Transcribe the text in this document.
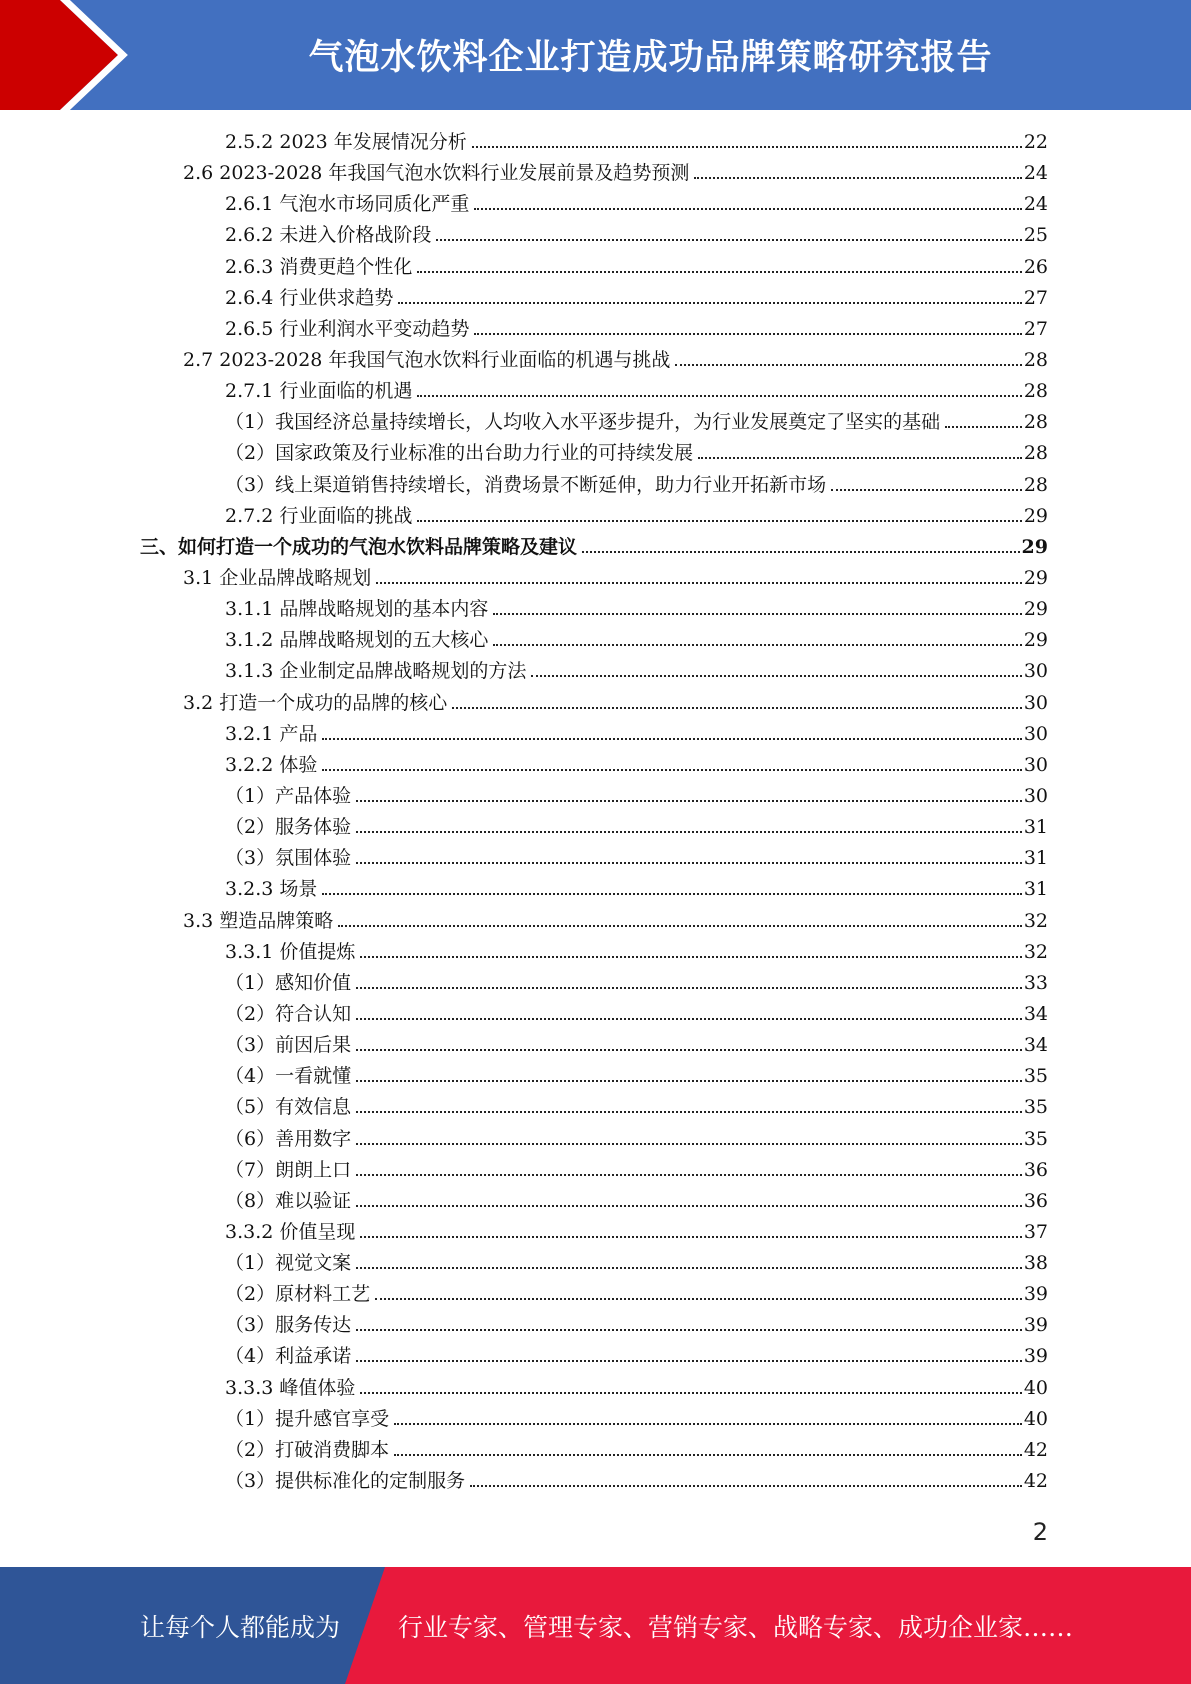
气泡水饮料企业打造成功品牌策略研究报告
2.5.2 2023 年发展情况分析	22
2.6 2023-2028 年我国气泡水饮料行业发展前景及趋势预测	24
2.6.1 气泡水市场同质化严重	24
2.6.2 未进入价格战阶段	25
2.6.3 消费更趋个性化	26
2.6.4 行业供求趋势	27
2.6.5 行业利润水平变动趋势	27
2.7 2023-2028 年我国气泡水饮料行业面临的机遇与挑战	28
2.7.1 行业面临的机遇	28
（1）我国经济总量持续增长，人均收入水平逐步提升，为行业发展奠定了坚实的基础	28
（2）国家政策及行业标准的出台助力行业的可持续发展	28
（3）线上渠道销售持续增长，消费场景不断延伸，助力行业开拓新市场	28
2.7.2 行业面临的挑战	29
三、如何打造一个成功的气泡水饮料品牌策略及建议	29
3.1 企业品牌战略规划	29
3.1.1 品牌战略规划的基本内容	29
3.1.2 品牌战略规划的五大核心	29
3.1.3 企业制定品牌战略规划的方法	30
3.2 打造一个成功的品牌的核心	30
3.2.1 产品	30
3.2.2 体验	30
（1）产品体验	30
（2）服务体验	31
（3）氛围体验	31
3.2.3 场景	31
3.3 塑造品牌策略	32
3.3.1 价值提炼	32
（1）感知价值	33
（2）符合认知	34
（3）前因后果	34
（4）一看就懂	35
（5）有效信息	35
（6）善用数字	35
（7）朗朗上口	36
（8）难以验证	36
3.3.2 价值呈现	37
（1）视觉文案	38
（2）原材料工艺	39
（3）服务传达	39
（4）利益承诺	39
3.3.3 峰值体验	40
（1）提升感官享受	40
（2）打破消费脚本	42
（3）提供标准化的定制服务	42
2
让每个人都能成为 行业专家、管理专家、营销专家、战略专家、成功企业家……
